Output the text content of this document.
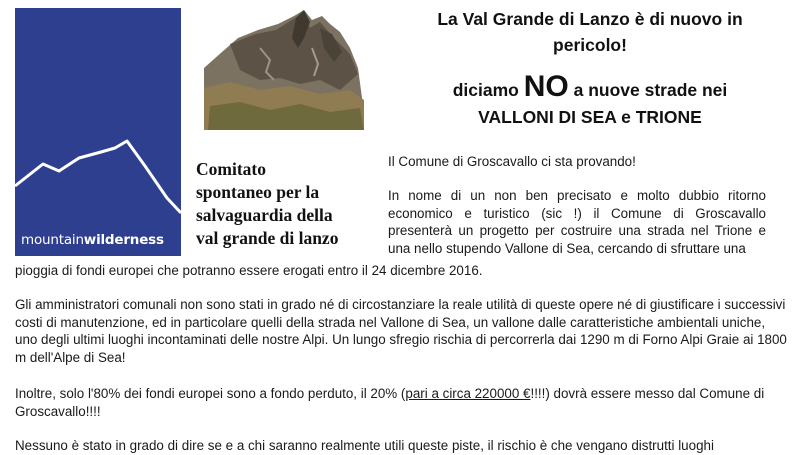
mountainwilderness
Comitato
spontaneo per la
salvaguardia della
val grande di lanzo
La Val Grande di Lanzo è di nuovo in
pericolo!
diciamo NO a nuove strade nei
VALLONI DI SEA e TRIONE
Il Comune di Groscavallo ci sta provando!
In nome di un non ben precisato e molto dubbio ritorno economico e turistico (sic !) il Comune di Groscavallo presenterà un progetto per costruire una strada nel Trione e una nello stupendo Vallone di Sea, cercando di sfruttare una
pioggia di fondi europei che potranno essere erogati entro il 24 dicembre 2016.
Gli amministratori comunali non sono stati in grado né di circostanziare la reale utilità di queste opere né di giustificare i successivi costi di manutenzione, ed in particolare quelli della strada nel Vallone di Sea, un vallone dalle caratteristiche ambientali uniche, uno degli ultimi luoghi incontaminati delle nostre Alpi. Un lungo sfregio rischia di percorrerla dai 1290 m di Forno Alpi Graie ai 1800 m dell'Alpe di Sea!
Inoltre, solo l'80% dei fondi europei sono a fondo perduto, il 20% (pari a circa 220000 €!!!!) dovrà essere messo dal Comune di Groscavallo!!!!
Nessuno è stato in grado di dire se e a chi saranno realmente utili queste piste, il rischio è che vengano distrutti luoghi
